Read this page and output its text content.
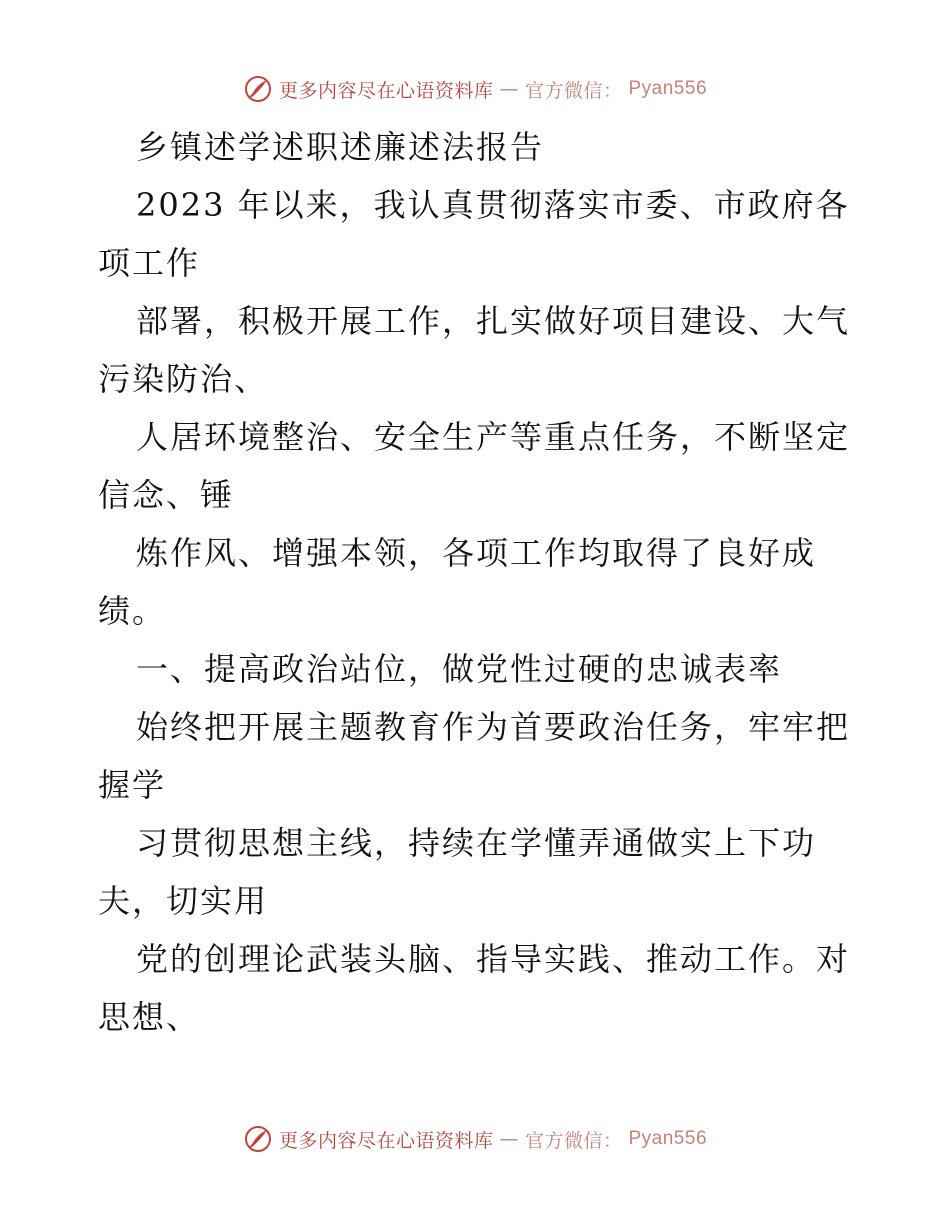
更多内容尽在心语资料库 — 官方微信： Pyan556
乡镇述学述职述廉述法报告
2023 年以来，我认真贯彻落实市委、市政府各
项工作
部署，积极开展工作，扎实做好项目建设、大气
污染防治、
人居环境整治、安全生产等重点任务，不断坚定
信念、锤
炼作风、增强本领，各项工作均取得了良好成
绩。
一、提高政治站位，做党性过硬的忠诚表率
始终把开展主题教育作为首要政治任务，牢牢把
握学
习贯彻思想主线，持续在学懂弄通做实上下功
夫，切实用
党的创理论武装头脑、指导实践、推动工作。对
思想、
更多内容尽在心语资料库 — 官方微信： Pyan556
